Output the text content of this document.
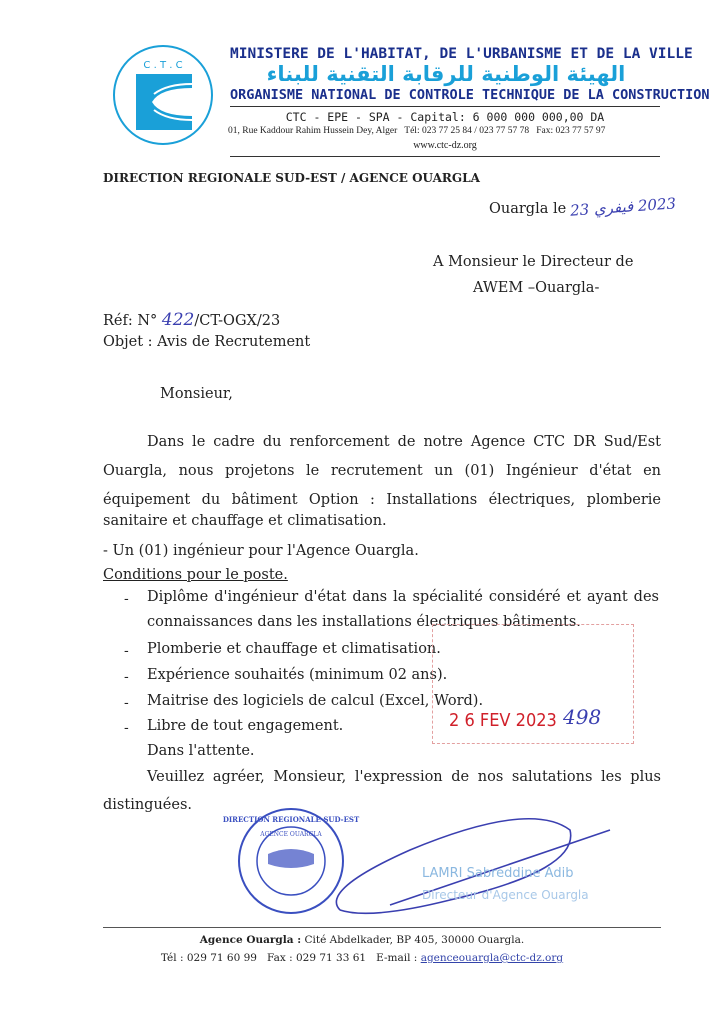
C . T . C
MINISTERE DE L'HABITAT, DE L'URBANISME ET DE LA VILLE
الهيئة الوطنية للرقابة التقنية للبناء
ORGANISME NATIONAL DE CONTROLE TECHNIQUE DE LA CONSTRUCTION
CTC - EPE - SPA - Capital: 6 000 000 000,00 DA
01, Rue Kaddour Rahim Hussein Dey, Alger Tél: 023 77 25 84 / 023 77 57 78 Fax: 023 77 57 97
www.ctc-dz.org
DIRECTION REGIONALE SUD-EST / AGENCE OUARGLA
Ouargla le 2023 فيفري 23
A Monsieur le Directeur de
AWEM –Ouargla-
Réf: N° 422/CT-OGX/23
Objet : Avis de Recrutement
Monsieur,
Dans le cadre du renforcement de notre Agence CTC DR Sud/Est
Ouargla, nous projetons le recrutement un (01) Ingénieur d'état en
équipement du bâtiment Option : Installations électriques, plomberie
sanitaire et chauffage et climatisation.
- Un (01) ingénieur pour l'Agence Ouargla.
Conditions pour le poste.
- Diplôme d'ingénieur d'état dans la spécialité considéré et ayant des
connaissances dans les installations électriques bâtiments.
- Plomberie et chauffage et climatisation.
- Expérience souhaités (minimum 02 ans).
- Maitrise des logiciels de calcul (Excel, Word).
- Libre de tout engagement.
Dans l'attente.
Veuillez agréer, Monsieur, l'expression de nos salutations les plus
distinguées.
2 6 FEV 2023 498
DIRECTION REGIONALE SUD-EST
AGENCE OUARGLA
LAMRI Sabreddine Adib
Directeur d'Agence Ouargla
Agence Ouargla : Cité Abdelkader, BP 405, 30000 Ouargla.
Tél : 029 71 60 99 Fax : 029 71 33 61 E-mail : agenceouargla@ctc-dz.org
